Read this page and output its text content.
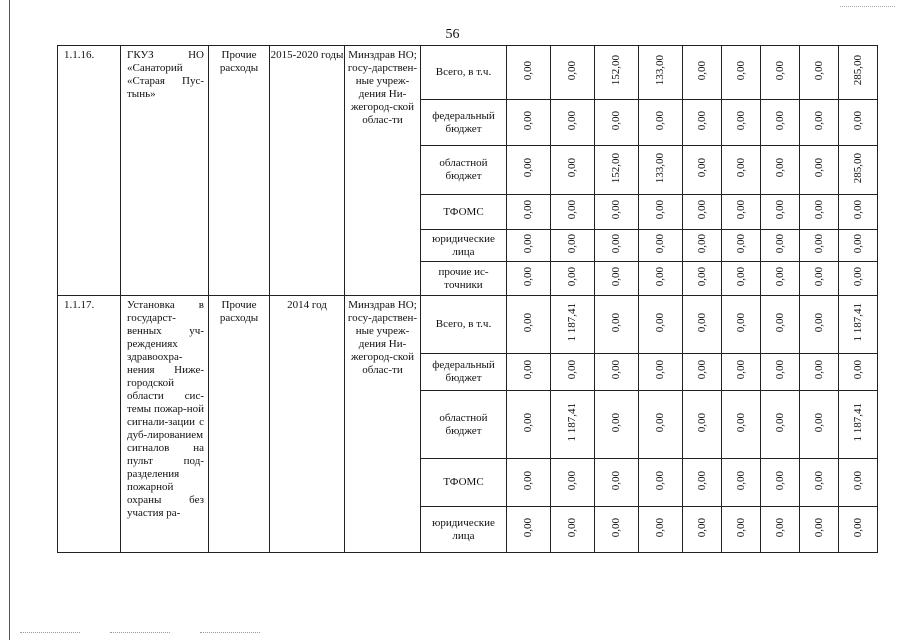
56
1.1.16.	ГКУЗ НО «Санаторий «Старая Пус-тынь»	Прочие расходы	2015-2020 годы	Минздрав НО; госу-дарствен-ные учреж-дения Ни-жегород-ской облас-ти	Всего, в т.ч.	0,00	0,00	152,00	133,00	0,00	0,00	0,00	0,00	285,00
					федеральный бюджет	0,00	0,00	0,00	0,00	0,00	0,00	0,00	0,00	0,00
					областной бюджет	0,00	0,00	152,00	133,00	0,00	0,00	0,00	0,00	285,00
					ТФОМС	0,00	0,00	0,00	0,00	0,00	0,00	0,00	0,00	0,00
					юридические лица	0,00	0,00	0,00	0,00	0,00	0,00	0,00	0,00	0,00
					прочие ис-точники	0,00	0,00	0,00	0,00	0,00	0,00	0,00	0,00	0,00

1.1.17.	Установка в государст-венных уч-реждениях здравоохра-нения Ниже-городской области сис-темы пожар-ной сигнали-зации с дуб-лированием сигналов на пульт под-разделения пожарной охраны без участия ра-	Прочие расходы	2014 год	Минздрав НО; госу-дарствен-ные учреж-дения Ни-жегород-ской облас-ти	Всего, в т.ч.	0,00	1 187,41	0,00	0,00	0,00	0,00	0,00	0,00	1 187,41
					федеральный бюджет	0,00	0,00	0,00	0,00	0,00	0,00	0,00	0,00	0,00
					областной бюджет	0,00	1 187,41	0,00	0,00	0,00	0,00	0,00	0,00	1 187,41
					ТФОМС	0,00	0,00	0,00	0,00	0,00	0,00	0,00	0,00	0,00
					юридические лица	0,00	0,00	0,00	0,00	0,00	0,00	0,00	0,00	0,00
